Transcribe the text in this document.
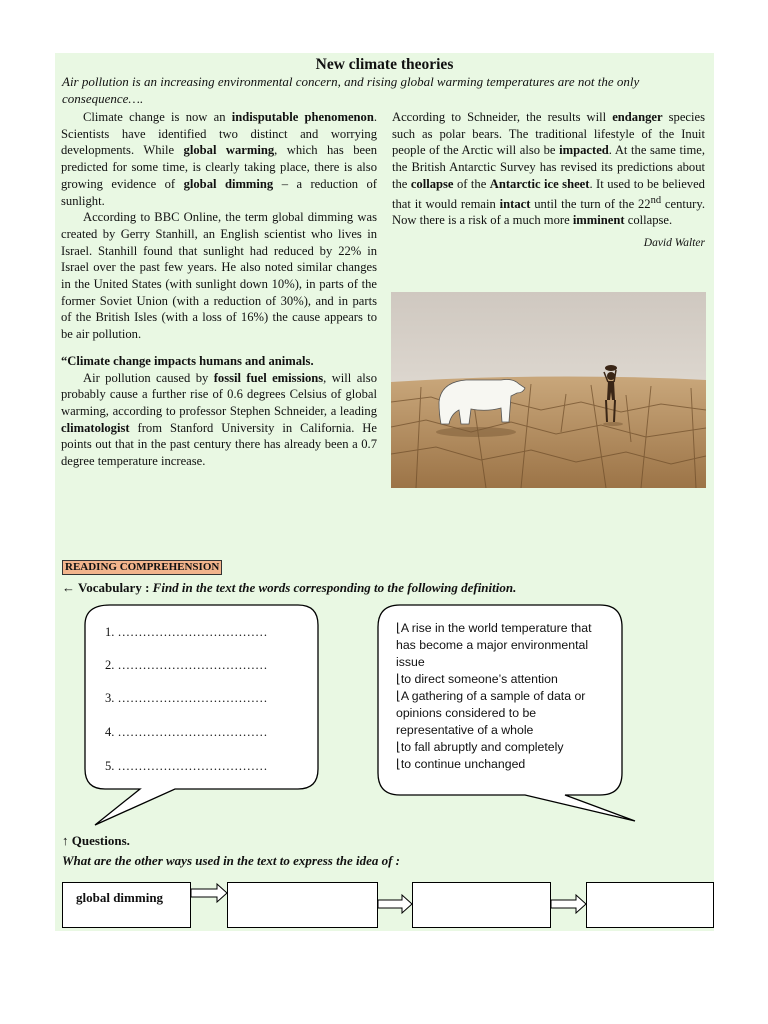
New climate theories
Air pollution is an increasing environmental concern, and rising global warming temperatures are not the only consequence….

Climate change is now an indisputable phenomenon. Scientists have identified two distinct and worrying developments. While global warming, which has been predicted for some time, is clearly taking place, there is also growing evidence of global dimming – a reduction of sunlight.

According to BBC Online, the term global dimming was created by Gerry Stanhill, an English scientist who lives in Israel. Stanhill found that sunlight had reduced by 22% in Israel over the past few years. He also noted similar changes in the United States (with sunlight down 10%), in parts of the former Soviet Union (with a reduction of 30%), and in parts of the British Isles (with a loss of 16%) the cause appears to be air pollution.

“Climate change impacts humans and animals.

Air pollution caused by fossil fuel emissions, will also probably cause a further rise of 0.6 degrees Celsius of global warming, according to professor Stephen Schneider, a leading climatologist from Stanford University in California. He points out that in the past century there has already been a 0.7 degree temperature increase.

According to Schneider, the results will endanger species such as polar bears. The traditional lifestyle of the Inuit people of the Arctic will also be impacted. At the same time, the British Antarctic Survey has revised its predictions about the collapse of the Antarctic ice sheet. It used to be believed that it would remain intact until the turn of the 22nd century. Now there is a risk of a much more imminent collapse.

David Walter
READING COMPREHENSION
← Vocabulary : Find in the text the words corresponding to the following definition.
1. ………………………………
2. ………………………………
3. ………………………………
4. ………………………………
5. ………………………………
⌊A rise in the world temperature that has become a major environmental issue
⌊to direct someone’s attention
⌊A gathering of a sample of data or opinions considered to be representative of a whole
⌊to fall abruptly and completely
⌊to continue unchanged
↑ Questions.
What are the other ways used in the text to express the idea of :
global dimming
